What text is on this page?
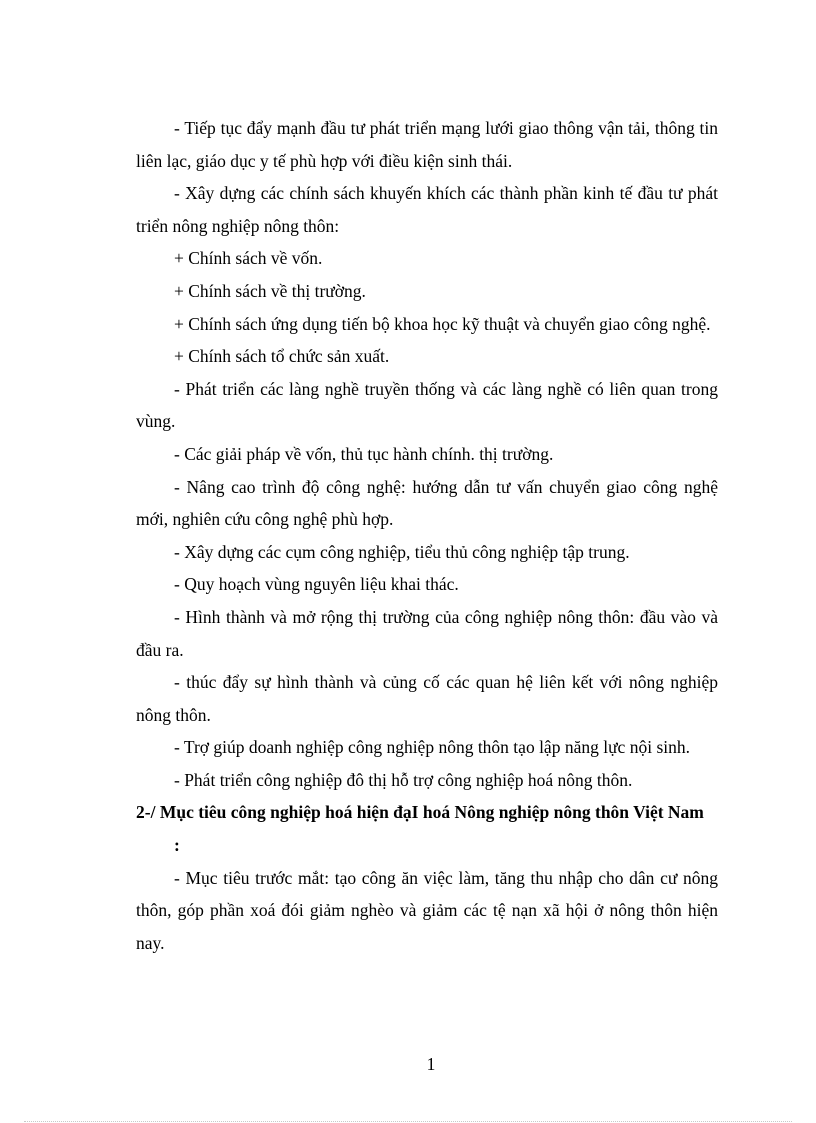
- Tiếp tục đẩy mạnh đầu tư phát triển mạng lưới giao thông vận tải, thông tin liên lạc, giáo dục y tế phù hợp với điều kiện sinh thái.

- Xây dựng các chính sách khuyến khích các thành phần kinh tế đầu tư phát triển nông nghiệp nông thôn:

+ Chính sách về vốn.

+ Chính sách về thị trường.

+ Chính sách ứng dụng tiến bộ khoa học kỹ thuật và chuyển giao công nghệ.

+ Chính sách tổ chức sản xuất.

- Phát triển các làng nghề truyền thống và các làng nghề có liên quan trong vùng.

- Các giải pháp về vốn, thủ tục hành chính. thị trường.

- Nâng cao trình độ công nghệ: hướng dẫn tư vấn chuyển giao công nghệ mới, nghiên cứu công nghệ phù hợp.

- Xây dựng các cụm công nghiệp, tiểu thủ công nghiệp tập trung.

- Quy hoạch vùng nguyên liệu khai thác.

- Hình thành và mở rộng thị trường của công nghiệp nông thôn: đầu vào và đầu ra.

- thúc đẩy sự hình thành và củng cố các quan hệ liên kết với nông nghiệp nông thôn.

- Trợ giúp doanh nghiệp công nghiệp nông thôn tạo lập năng lực nội sinh.

- Phát triển công nghiệp đô thị hỗ trợ công nghiệp hoá nông thôn.

2-/ Mục tiêu công nghiệp hoá hiện đạI hoá Nông nghiệp nông thôn Việt Nam
:

- Mục tiêu trước mắt: tạo công ăn việc làm, tăng thu nhập cho dân cư nông thôn, góp phần xoá đói giảm nghèo và giảm các tệ nạn xã hội ở nông thôn hiện nay.

1
